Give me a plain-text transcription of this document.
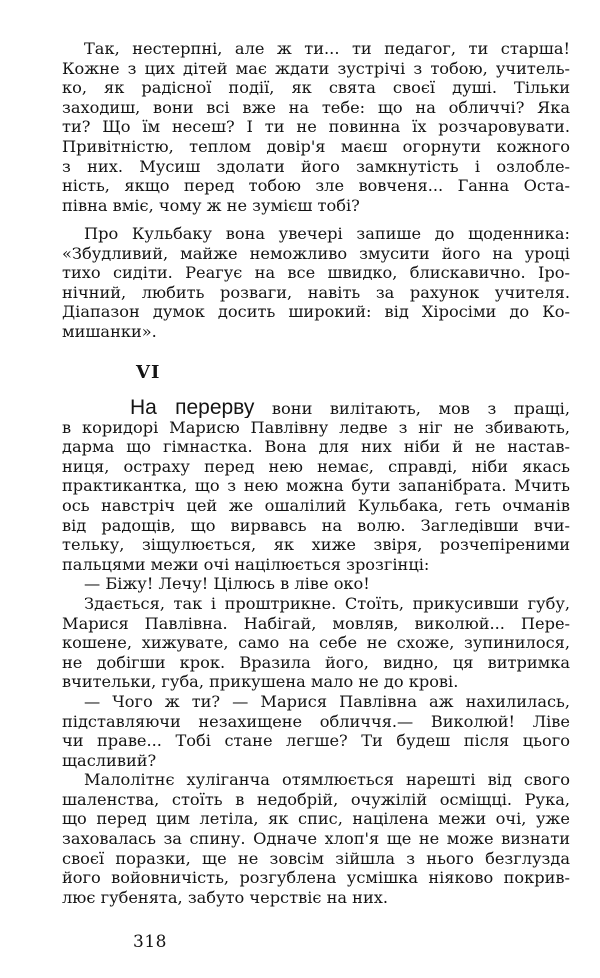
Так, нестерпні, але ж ти... ти педагог, ти старша!
Кожне з цих дітей має ждати зустрічі з тобою, учитель-
ко, як радісної події, як свята своєї душі. Тільки
заходиш, вони всі вже на тебе: що на обличчі? Яка
ти? Що їм несеш? І ти не повинна їх розчаровувати.
Привітністю, теплом довір'я маєш огорнути кожного
з них. Мусиш здолати його замкнутість і озлобле-
ність, якщо перед тобою зле вовченя... Ганна Оста-
півна вміє, чому ж не зумієш тобі?
Про Кульбаку вона увечері запише до щоденника:
«Збудливий, майже неможливо змусити його на уроці
тихо сидіти. Реагує на все швидко, блискавично. Іро-
нічний, любить розваги, навіть за рахунок учителя.
Діапазон думок досить широкий: від Хіросіми до Ко-
мишанки».
VI
На перерву вони вилітають, мов з пращі,
в коридорі Марисю Павлівну ледве з ніг не збивають,
дарма що гімнастка. Вона для них ніби й не настав-
ниця, остраху перед нею немає, справді, ніби якась
практикантка, що з нею можна бути запанібрата. Мчить
ось навстріч цей же ошалілий Кульбака, геть очманів
від радощів, що вирвавсь на волю. Загледівши вчи-
тельку, зіщулюється, як хиже звіря, розчепіреними
пальцями межи очі націлюється зрозгінці:
— Біжу! Лечу! Цілюсь в ліве око!
Здається, так і проштрикне. Стоїть, прикусивши губу,
Марися Павлівна. Набігай, мовляв, виколюй... Пере-
кошене, хижувате, само на себе не схоже, зупинилося,
не добігши крок. Вразила його, видно, ця витримка
вчительки, губа, прикушена мало не до крові.
— Чого ж ти? — Марися Павлівна аж нахилилась,
підставляючи незахищене обличчя.— Виколюй! Ліве
чи праве... Тобі стане легше? Ти будеш після цього
щасливий?
Малолітнє хуліганча отямлюється нарешті від свого
шаленства, стоїть в недобрій, очужілій осміщці. Рука,
що перед цим летіла, як спис, націлена межи очі, уже
заховалась за спину. Одначе хлоп'я ще не може визнати
своєї поразки, ще не зовсім зійшла з нього безглузда
його войовничість, розгублена усмішка ніяково покрив-
лює губенята, забуто черствіє на них.
318
